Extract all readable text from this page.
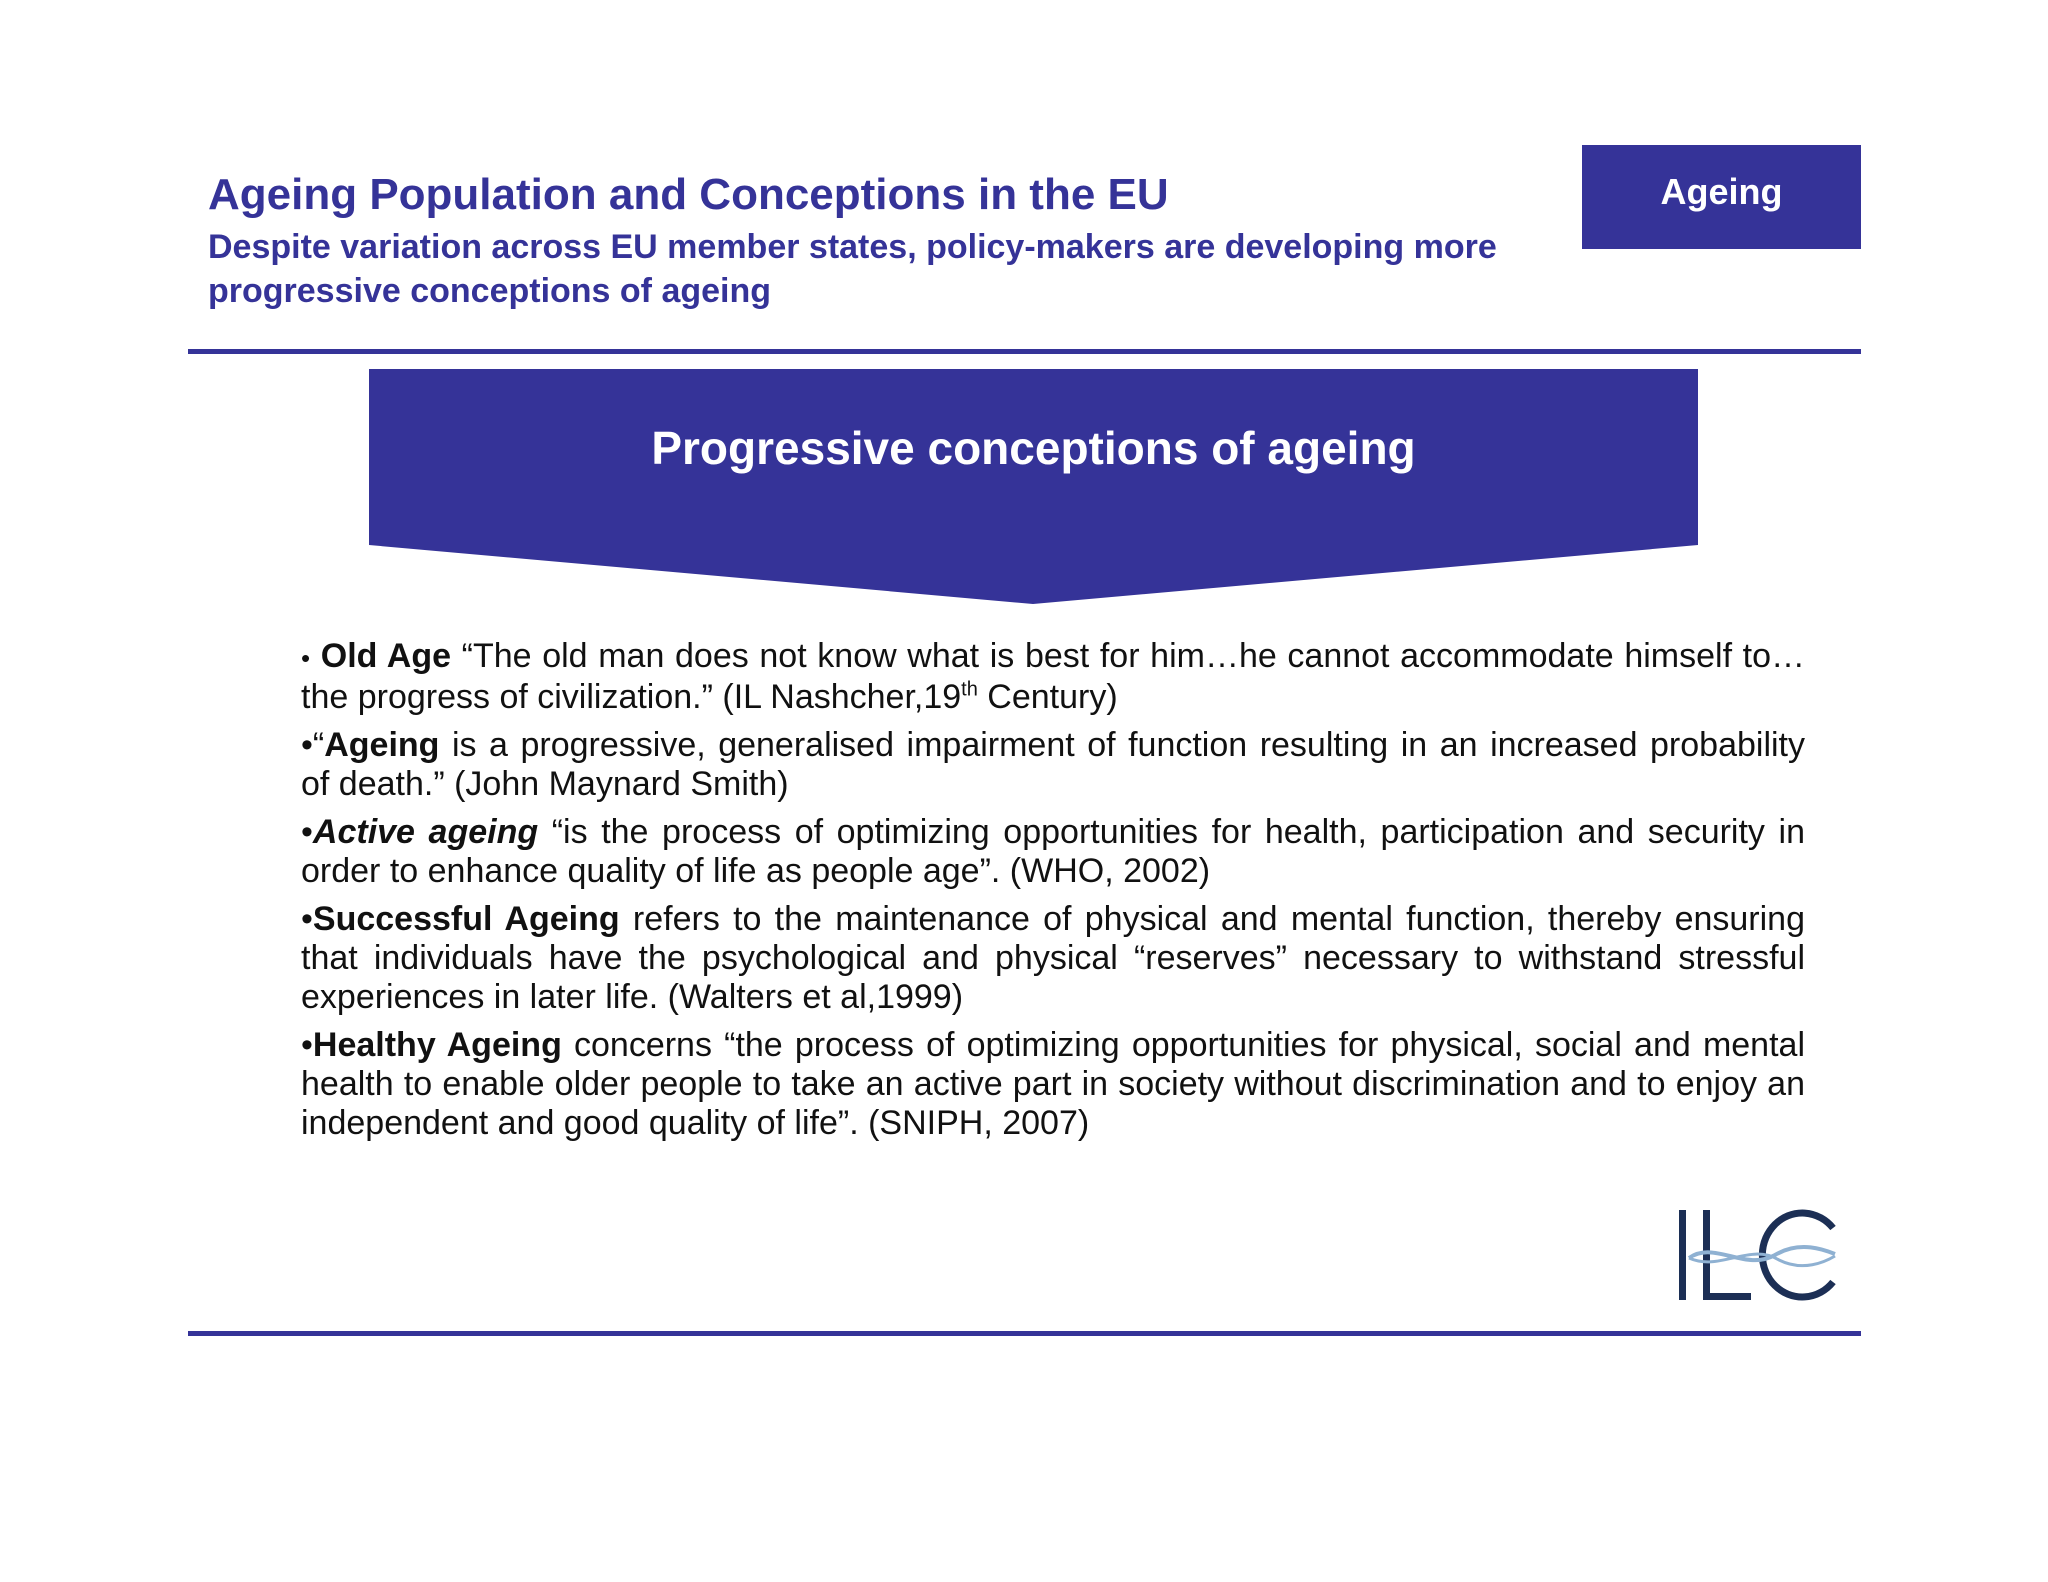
Ageing Population and Conceptions in the EU
Despite variation across EU member states, policy-makers are developing more progressive conceptions of ageing
Ageing
Progressive conceptions of ageing

• Old Age “The old man does not know what is best for him…he cannot accommodate himself to…the progress of civilization.” (IL Nashcher,19th Century)

•“Ageing is a progressive, generalised impairment of function resulting in an increased probability of death.” (John Maynard Smith)

•Active ageing “is the process of optimizing opportunities for health, participation and security in order to enhance quality of life as people age”. (WHO, 2002)

•Successful Ageing refers to the maintenance of physical and mental function, thereby ensuring that individuals have the psychological and physical “reserves” necessary to withstand stressful experiences in later life. (Walters et al,1999)

•Healthy Ageing concerns “the process of optimizing opportunities for physical, social and mental health to enable older people to take an active part in society without discrimination and to enjoy an independent and good quality of life”. (SNIPH, 2007)
